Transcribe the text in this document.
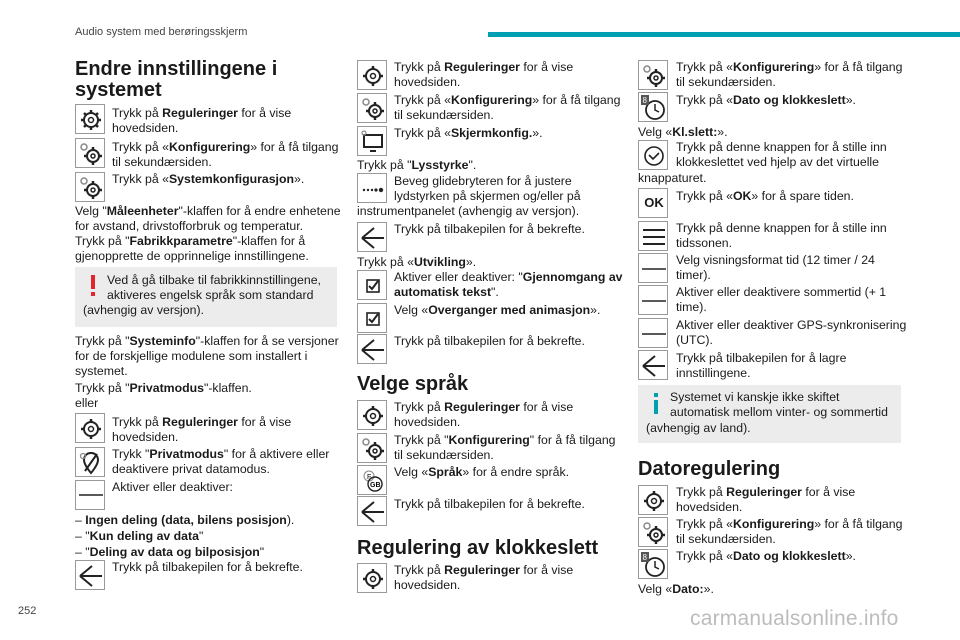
Audio system med berøringsskjerm
Endre innstillingene i
systemet
Trykk på Reguleringer for å vise
hovedsiden.
Trykk på «Konfigurering» for å få tilgang
til sekundærsiden.
Trykk på «Systemkonfigurasjon».
Velg "Måleenheter"-klaffen for å endre enhetene
for avstand, drivstofforbruk og temperatur.
Trykk på "Fabrikkparametre"-klaffen for å
gjenopprette de opprinnelige innstillingene.
Ved å gå tilbake til fabrikkinnstillingene,
aktiveres engelsk språk som standard
(avhengig av versjon).
Trykk på "Systeminfo"-klaffen for å se versjoner
for de forskjellige modulene som installert i
systemet.
Trykk på "Privatmodus"-klaffen.
eller
Trykk på Reguleringer for å vise
hovedsiden.
Trykk "Privatmodus" for å aktivere eller
deaktivere privat datamodus.
Aktiver eller deaktiver:
– Ingen deling (data, bilens posisjon).
– "Kun deling av data"
– "Deling av data og bilposisjon"
Trykk på tilbakepilen for å bekrefte.
Trykk på Reguleringer for å vise
hovedsiden.
Trykk på «Konfigurering» for å få tilgang
til sekundærsiden.
Trykk på «Skjermkonfig.».
Trykk på "Lysstyrke".
Beveg glidebryteren for å justere
lydstyrken på skjermen og/eller på
instrumentpanelet (avhengig av versjon).
Trykk på tilbakepilen for å bekrefte.
Trykk på «Utvikling».
Aktiver eller deaktiver: "Gjennomgang av
automatisk tekst".
Velg «Overganger med animasjon».
Trykk på tilbakepilen for å bekrefte.
Velge språk
Trykk på Reguleringer for å vise
hovedsiden.
Trykk på "Konfigurering" for å få tilgang
til sekundærsiden.
F
GB
Velg «Språk» for å endre språk.
Trykk på tilbakepilen for å bekrefte.
Regulering av klokkeslett
Trykk på Reguleringer for å vise
hovedsiden.
Trykk på «Konfigurering» for å få tilgang
til sekundærsiden.
8 Trykk på «Dato og klokkeslett».
Velg «Kl.slett:».
Trykk på denne knappen for å stille inn
klokkeslettet ved hjelp av det virtuelle
knappaturet.
OK Trykk på «OK» for å spare tiden.
Trykk på denne knappen for å stille inn
tidssonen.
Velg visningsformat tid (12 timer / 24
timer).
Aktiver eller deaktivere sommertid (+ 1
time).
Aktiver eller deaktiver GPS-synkronisering
(UTC).
Trykk på tilbakepilen for å lagre
innstillingene.
Systemet vi kanskje ikke skiftet
automatisk mellom vinter- og sommertid
(avhengig av land).
Datoregulering
Trykk på Reguleringer for å vise
hovedsiden.
Trykk på «Konfigurering» for å få tilgang
til sekundærsiden.
8 Trykk på «Dato og klokkeslett».
Velg «Dato:».
252	carmanualsonline.info
